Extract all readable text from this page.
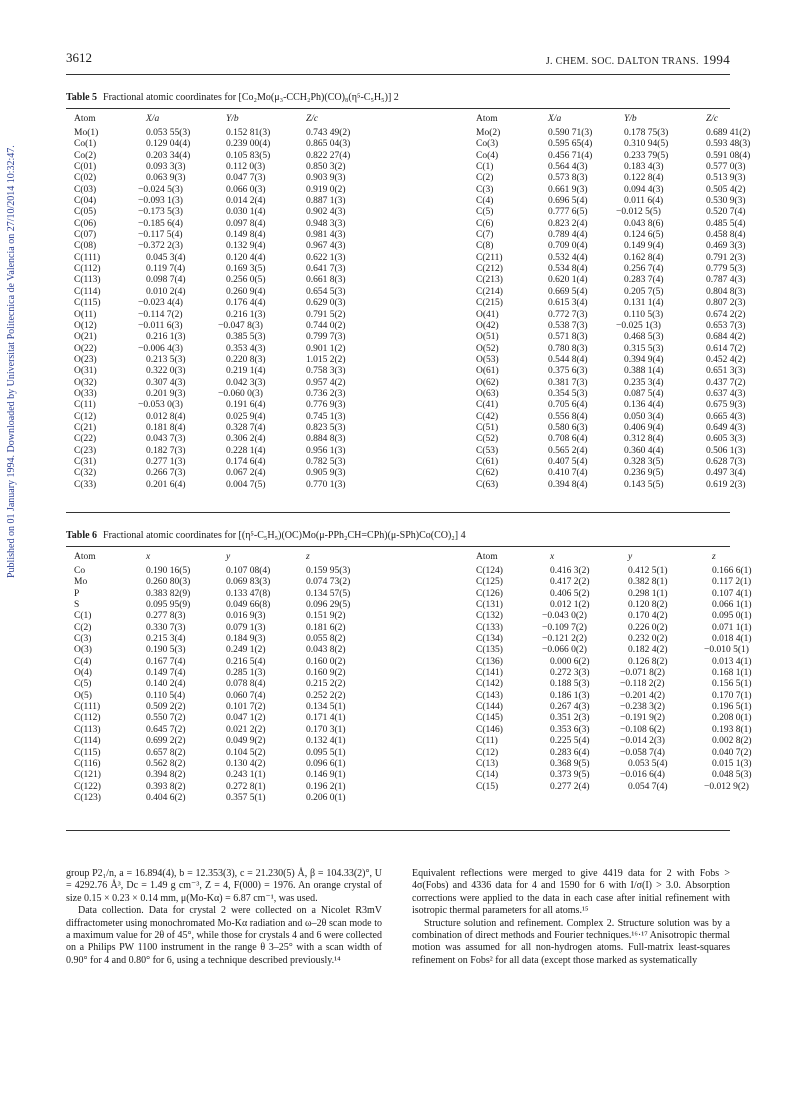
3612	J. CHEM. SOC. DALTON TRANS. 1994
Published on 01 January 1994. Downloaded by Universitat Politecnica de Valencia on 27/10/2014 10:32:47.
Table 5 Fractional atomic coordinates for [Co₂Mo(μ₃-CCH₂Ph)(CO)₈(η⁵-C₅H₅)] 2
Atom	X/a	Y/b	Z/c	Atom	X/a	Y/b	Z/c
Mo(1)	0.053 55(3)	0.152 81(3)	0.743 49(2)	Mo(2)	0.590 71(3)	0.178 75(3)	0.689 41(2)
Co(1)	0.129 04(4)	0.239 00(4)	0.865 04(3)	Co(3)	0.595 65(4)	0.310 94(5)	0.593 48(3)
Co(2)	0.203 34(4)	0.105 83(5)	0.822 27(4)	Co(4)	0.456 71(4)	0.233 79(5)	0.591 08(4)
C(01)	0.093 3(3)	0.112 0(3)	0.850 3(2)	C(1)	0.564 4(3)	0.183 4(3)	0.577 0(3)
C(02)	0.063 9(3)	0.047 7(3)	0.903 9(3)	C(2)	0.573 8(3)	0.122 8(4)	0.513 9(3)
C(03)	−0.024 5(3)	0.066 0(3)	0.919 0(2)	C(3)	0.661 9(3)	0.094 4(3)	0.505 4(2)
C(04)	−0.093 1(3)	0.014 2(4)	0.887 1(3)	C(4)	0.696 5(4)	0.011 6(4)	0.530 9(3)
C(05)	−0.173 5(3)	0.030 1(4)	0.902 4(3)	C(5)	0.777 6(5)	−0.012 5(5)	0.520 7(4)
C(06)	−0.185 6(4)	0.097 8(4)	0.948 3(3)	C(6)	0.823 2(4)	0.043 8(6)	0.485 5(4)
C(07)	−0.117 5(4)	0.149 8(4)	0.981 4(3)	C(7)	0.789 4(4)	0.124 6(5)	0.458 8(4)
C(08)	−0.372 2(3)	0.132 9(4)	0.967 4(3)	C(8)	0.709 0(4)	0.149 9(4)	0.469 3(3)
C(111)	0.045 3(4)	0.120 4(4)	0.622 1(3)	C(211)	0.532 4(4)	0.162 8(4)	0.791 2(3)
C(112)	0.119 7(4)	0.169 3(5)	0.641 7(3)	C(212)	0.534 8(4)	0.256 7(4)	0.779 5(3)
C(113)	0.098 7(4)	0.256 0(5)	0.661 8(3)	C(213)	0.620 1(4)	0.283 7(4)	0.787 4(3)
C(114)	0.010 2(4)	0.260 9(4)	0.654 5(3)	C(214)	0.669 5(4)	0.205 7(5)	0.804 8(3)
C(115)	−0.023 4(4)	0.176 4(4)	0.629 0(3)	C(215)	0.615 3(4)	0.131 1(4)	0.807 2(3)
O(11)	−0.114 7(2)	0.216 1(3)	0.791 5(2)	O(41)	0.772 7(3)	0.110 5(3)	0.674 2(2)
O(12)	−0.011 6(3)	−0.047 8(3)	0.744 0(2)	O(42)	0.538 7(3)	−0.025 1(3)	0.653 7(3)
O(21)	0.216 1(3)	0.385 5(3)	0.799 7(3)	O(51)	0.571 8(3)	0.468 5(3)	0.684 4(2)
O(22)	−0.006 4(3)	0.353 4(3)	0.901 1(2)	O(52)	0.780 8(3)	0.315 5(3)	0.614 7(2)
O(23)	0.213 5(3)	0.220 8(3)	1.015 2(2)	O(53)	0.544 8(4)	0.394 9(4)	0.452 4(2)
O(31)	0.322 0(3)	0.219 1(4)	0.758 3(3)	O(61)	0.375 6(3)	0.388 1(4)	0.651 3(3)
O(32)	0.307 4(3)	0.042 3(3)	0.957 4(2)	O(62)	0.381 7(3)	0.235 3(4)	0.437 7(2)
O(33)	0.201 9(3)	−0.060 0(3)	0.736 2(3)	O(63)	0.354 5(3)	0.087 5(4)	0.637 4(3)
C(11)	−0.053 0(3)	0.191 6(4)	0.776 9(3)	C(41)	0.705 6(4)	0.136 4(4)	0.675 9(3)
C(12)	0.012 8(4)	0.025 9(4)	0.745 1(3)	C(42)	0.556 8(4)	0.050 3(4)	0.665 4(3)
C(21)	0.181 8(4)	0.328 7(4)	0.823 5(3)	C(51)	0.580 6(3)	0.406 9(4)	0.649 4(3)
C(22)	0.043 7(3)	0.306 2(4)	0.884 8(3)	C(52)	0.708 6(4)	0.312 8(4)	0.605 3(3)
C(23)	0.182 7(3)	0.228 1(4)	0.956 1(3)	C(53)	0.565 2(4)	0.360 4(4)	0.506 1(3)
C(31)	0.277 1(3)	0.174 6(4)	0.782 5(3)	C(61)	0.407 5(4)	0.328 3(5)	0.628 7(3)
C(32)	0.266 7(3)	0.067 2(4)	0.905 9(3)	C(62)	0.410 7(4)	0.236 9(5)	0.497 3(4)
C(33)	0.201 6(4)	0.004 7(5)	0.770 1(3)	C(63)	0.394 8(4)	0.143 5(5)	0.619 2(3)
Table 6 Fractional atomic coordinates for [(η⁵-C₅H₅)(OC)Mo(μ-PPh₂CH=CPh)(μ-SPh)Co(CO)₂] 4
Atom	x	y	z	Atom	x	y	z
Co	0.190 16(5)	0.107 08(4)	0.159 95(3)	C(124)	0.416 3(2)	0.412 5(1)	0.166 6(1)
Mo	0.260 80(3)	0.069 83(3)	0.074 73(2)	C(125)	0.417 2(2)	0.382 8(1)	0.117 2(1)
P	0.383 82(9)	0.133 47(8)	0.134 57(5)	C(126)	0.406 5(2)	0.298 1(1)	0.107 4(1)
S	0.095 95(9)	0.049 66(8)	0.096 29(5)	C(131)	0.012 1(2)	0.120 8(2)	0.066 1(1)
C(1)	0.277 8(3)	0.016 9(3)	0.151 9(2)	C(132)	−0.043 0(2)	0.170 4(2)	0.095 0(1)
C(2)	0.330 7(3)	0.079 1(3)	0.181 6(2)	C(133)	−0.109 7(2)	0.226 0(2)	0.071 1(1)
C(3)	0.215 3(4)	0.184 9(3)	0.055 8(2)	C(134)	−0.121 2(2)	0.232 0(2)	0.018 4(1)
O(3)	0.190 5(3)	0.249 1(2)	0.043 8(2)	C(135)	−0.066 0(2)	0.182 4(2)	−0.010 5(1)
C(4)	0.167 7(4)	0.216 5(4)	0.160 0(2)	C(136)	0.000 6(2)	0.126 8(2)	0.013 4(1)
O(4)	0.149 7(4)	0.285 1(3)	0.160 9(2)	C(141)	0.272 3(3)	−0.071 8(2)	0.168 1(1)
C(5)	0.140 2(4)	0.078 8(4)	0.215 2(2)	C(142)	0.188 5(3)	−0.118 2(2)	0.156 5(1)
O(5)	0.110 5(4)	0.060 7(4)	0.252 2(2)	C(143)	0.186 1(3)	−0.201 4(2)	0.170 7(1)
C(111)	0.509 2(2)	0.101 7(2)	0.134 5(1)	C(144)	0.267 4(3)	−0.238 3(2)	0.196 5(1)
C(112)	0.550 7(2)	0.047 1(2)	0.171 4(1)	C(145)	0.351 2(3)	−0.191 9(2)	0.208 0(1)
C(113)	0.645 7(2)	0.021 2(2)	0.170 3(1)	C(146)	0.353 6(3)	−0.108 6(2)	0.193 8(1)
C(114)	0.699 2(2)	0.049 9(2)	0.132 4(1)	C(11)	0.225 5(4)	−0.014 2(3)	0.002 8(2)
C(115)	0.657 8(2)	0.104 5(2)	0.095 5(1)	C(12)	0.283 6(4)	−0.058 7(4)	0.040 7(2)
C(116)	0.562 8(2)	0.130 4(2)	0.096 6(1)	C(13)	0.368 9(5)	0.053 5(4)	0.015 1(3)
C(121)	0.394 8(2)	0.243 1(1)	0.146 9(1)	C(14)	0.373 9(5)	−0.016 6(4)	0.048 5(3)
C(122)	0.393 8(2)	0.272 8(1)	0.196 2(1)	C(15)	0.277 2(4)	0.054 7(4)	−0.012 9(2)
C(123)	0.404 6(2)	0.357 5(1)	0.206 0(1)				

group P2₁/n, a = 16.894(4), b = 12.353(3), c = 21.230(5) Å, β = 104.33(2)°, U = 4292.76 Å³, Dc = 1.49 g cm⁻³, Z = 4, F(000) = 1976. An orange crystal of size 0.15 × 0.23 × 0.14 mm, μ(Mo-Kα) = 6.87 cm⁻¹, was used.

Data collection. Data for crystal 2 were collected on a Nicolet R3mV diffractometer using monochromated Mo-Kα radiation and ω–2θ scan mode to a maximum value for 2θ of 45°, while those for crystals 4 and 6 were collected on a Philips PW 1100 instrument in the range θ 3–25° with a scan width of 0.90° for 4 and 0.80° for 6, using a technique described previously.¹⁴

Equivalent reflections were merged to give 4419 data for 2 with Fobs > 4σ(Fobs) and 4336 data for 4 and 1590 for 6 with I/σ(I) > 3.0. Absorption corrections were applied to the data in each case after initial refinement with isotropic thermal parameters for all atoms.¹⁵

Structure solution and refinement. Complex 2. Structure solution was by a combination of direct methods and Fourier techniques.¹⁶·¹⁷ Anisotropic thermal motion was assumed for all non-hydrogen atoms. Full-matrix least-squares refinement on Fobs² for all data (except those marked as systematically
